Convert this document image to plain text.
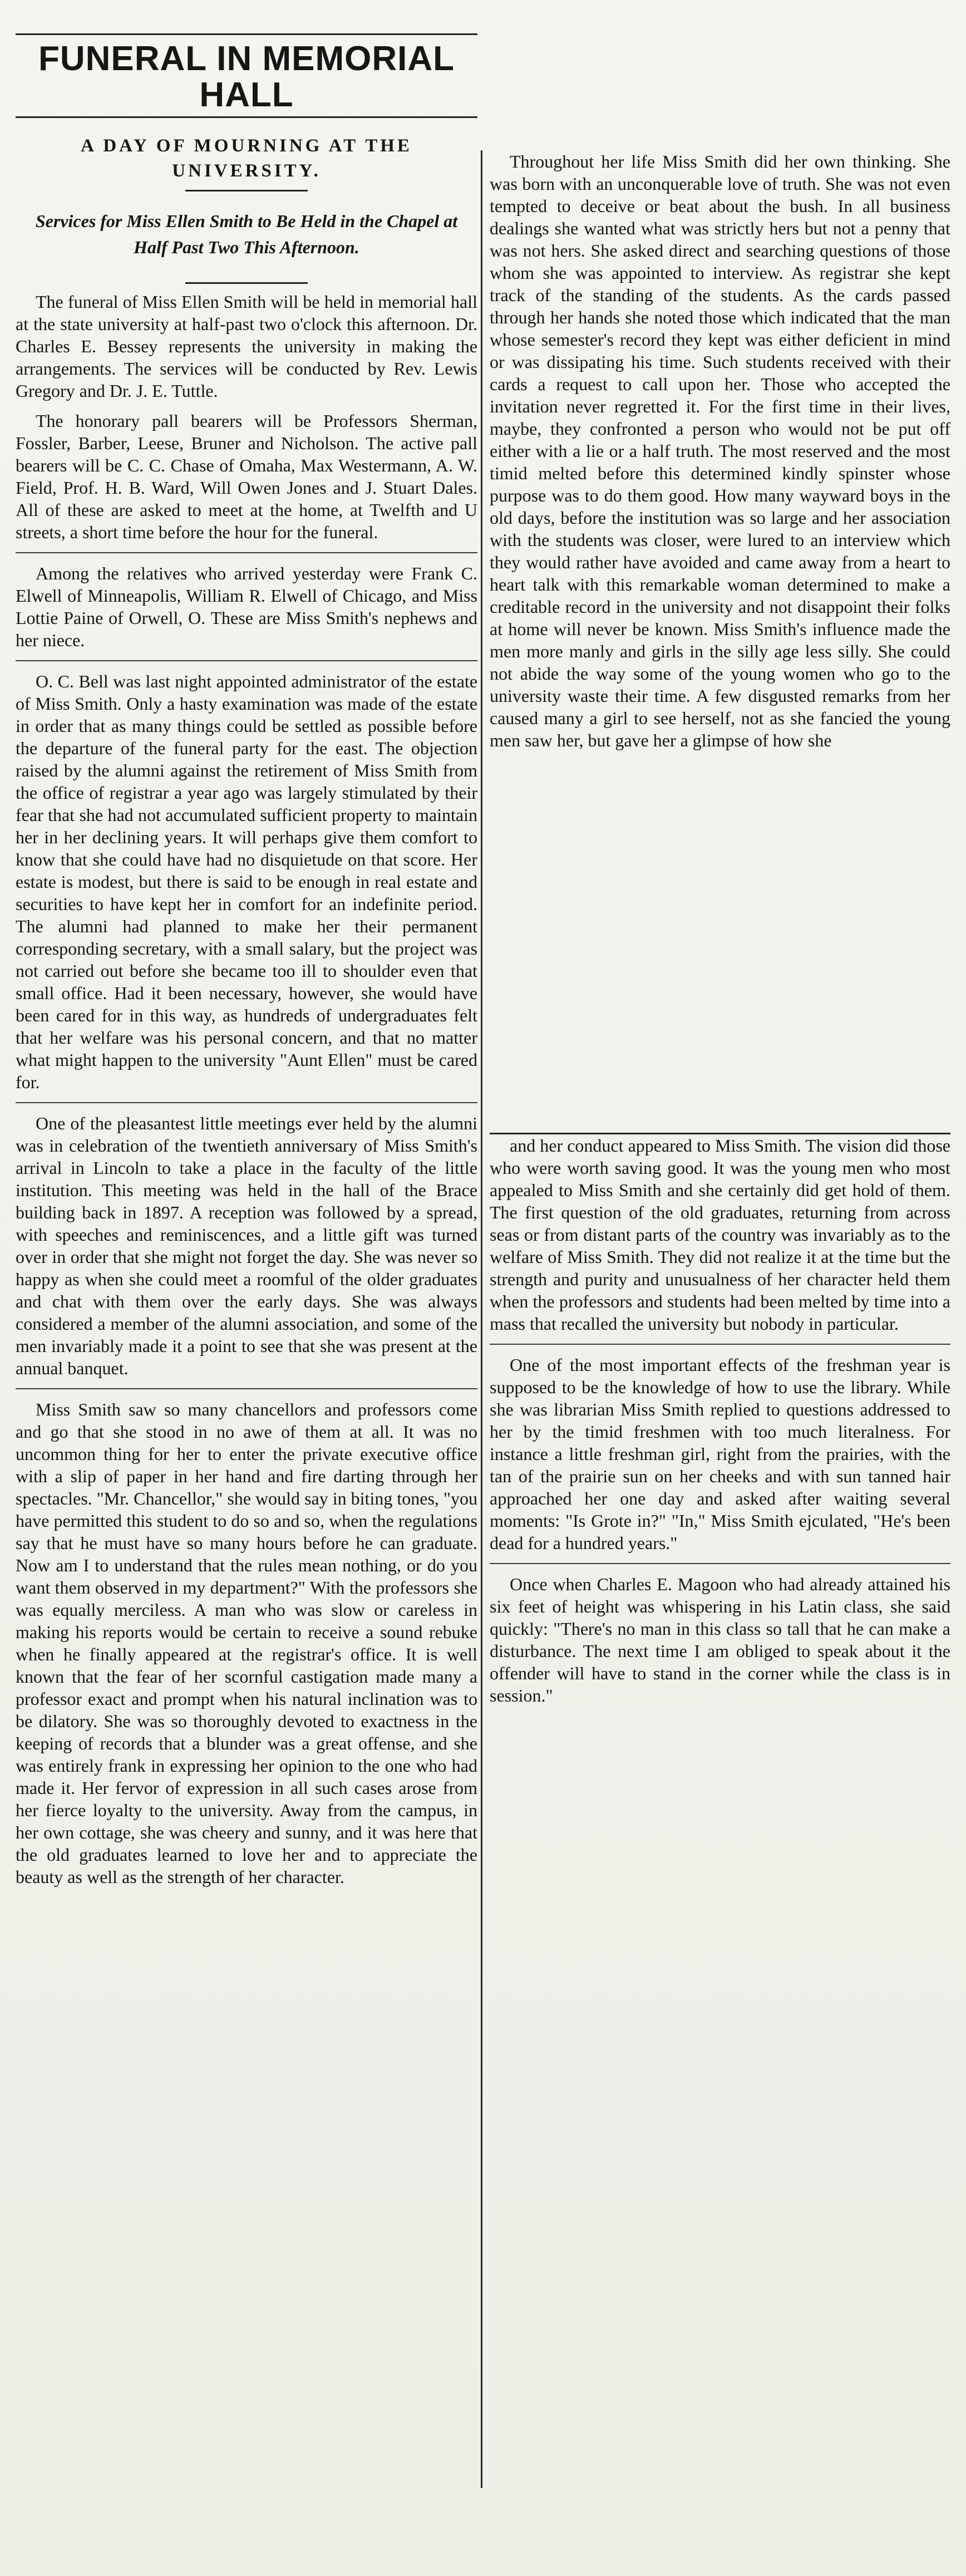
FUNERAL IN MEMORIAL HALL
A DAY OF MOURNING AT THE UNIVERSITY.
Services for Miss Ellen Smith to Be Held in the Chapel at Half Past Two This Afternoon.

The funeral of Miss Ellen Smith will be held in memorial hall at the state university at half-past two o'clock this afternoon. Dr. Charles E. Bessey represents the university in making the arrangements. The services will be conducted by Rev. Lewis Gregory and Dr. J. E. Tuttle.

The honorary pall bearers will be Professors Sherman, Fossler, Barber, Leese, Bruner and Nicholson. The active pall bearers will be C. C. Chase of Omaha, Max Westermann, A. W. Field, Prof. H. B. Ward, Will Owen Jones and J. Stuart Dales. All of these are asked to meet at the home, at Twelfth and U streets, a short time before the hour for the funeral.

Among the relatives who arrived yesterday were Frank C. Elwell of Minneapolis, William R. Elwell of Chicago, and Miss Lottie Paine of Orwell, O. These are Miss Smith's nephews and her niece.

O. C. Bell was last night appointed administrator of the estate of Miss Smith. Only a hasty examination was made of the estate in order that as many things could be settled as possible before the departure of the funeral party for the east. The objection raised by the alumni against the retirement of Miss Smith from the office of registrar a year ago was largely stimulated by their fear that she had not accumulated sufficient property to maintain her in her declining years. It will perhaps give them comfort to know that she could have had no disquietude on that score. Her estate is modest, but there is said to be enough in real estate and securities to have kept her in comfort for an indefinite period. The alumni had planned to make her their permanent corresponding secretary, with a small salary, but the project was not carried out before she became too ill to shoulder even that small office. Had it been necessary, however, she would have been cared for in this way, as hundreds of undergraduates felt that her welfare was his personal concern, and that no matter what might happen to the university "Aunt Ellen" must be cared for.

One of the pleasantest little meetings ever held by the alumni was in celebration of the twentieth anniversary of Miss Smith's arrival in Lincoln to take a place in the faculty of the little institution. This meeting was held in the hall of the Brace building back in 1897. A reception was followed by a spread, with speeches and reminiscences, and a little gift was turned over in order that she might not forget the day. She was never so happy as when she could meet a roomful of the older graduates and chat with them over the early days. She was always considered a member of the alumni association, and some of the men invariably made it a point to see that she was present at the annual banquet.

Miss Smith saw so many chancellors and professors come and go that she stood in no awe of them at all. It was no uncommon thing for her to enter the private executive office with a slip of paper in her hand and fire darting through her spectacles. "Mr. Chancellor," she would say in biting tones, "you have permitted this student to do so and so, when the regulations say that he must have so many hours before he can graduate. Now am I to understand that the rules mean nothing, or do you want them observed in my department?" With the professors she was equally merciless. A man who was slow or careless in making his reports would be certain to receive a sound rebuke when he finally appeared at the registrar's office. It is well known that the fear of her scornful castigation made many a professor exact and prompt when his natural inclination was to be dilatory. She was so thoroughly devoted to exactness in the keeping of records that a blunder was a great offense, and she was entirely frank in expressing her opinion to the one who had made it. Her fervor of expression in all such cases arose from her fierce loyalty to the university. Away from the campus, in her own cottage, she was cheery and sunny, and it was here that the old graduates learned to love her and to appreciate the beauty as well as the strength of her character.

Throughout her life Miss Smith did her own thinking. She was born with an unconquerable love of truth. She was not even tempted to deceive or beat about the bush. In all business dealings she wanted what was strictly hers but not a penny that was not hers. She asked direct and searching questions of those whom she was appointed to interview. As registrar she kept track of the standing of the students. As the cards passed through her hands she noted those which indicated that the man whose semester's record they kept was either deficient in mind or was dissipating his time. Such students received with their cards a request to call upon her. Those who accepted the invitation never regretted it. For the first time in their lives, maybe, they confronted a person who would not be put off either with a lie or a half truth. The most reserved and the most timid melted before this determined kindly spinster whose purpose was to do them good. How many wayward boys in the old days, before the institution was so large and her association with the students was closer, were lured to an interview which they would rather have avoided and came away from a heart to heart talk with this remarkable woman determined to make a creditable record in the university and not disappoint their folks at home will never be known. Miss Smith's influence made the men more manly and girls in the silly age less silly. She could not abide the way some of the young women who go to the university waste their time. A few disgusted remarks from her caused many a girl to see herself, not as she fancied the young men saw her, but gave her a glimpse of how she

and her conduct appeared to Miss Smith. The vision did those who were worth saving good. It was the young men who most appealed to Miss Smith and she certainly did get hold of them. The first question of the old graduates, returning from across seas or from distant parts of the country was invariably as to the welfare of Miss Smith. They did not realize it at the time but the strength and purity and unusualness of her character held them when the professors and students had been melted by time into a mass that recalled the university but nobody in particular.

One of the most important effects of the freshman year is supposed to be the knowledge of how to use the library. While she was librarian Miss Smith replied to questions addressed to her by the timid freshmen with too much literalness. For instance a little freshman girl, right from the prairies, with the tan of the prairie sun on her cheeks and with sun tanned hair approached her one day and asked after waiting several moments: "Is Grote in?" "In," Miss Smith ejculated, "He's been dead for a hundred years."

Once when Charles E. Magoon who had already attained his six feet of height was whispering in his Latin class, she said quickly: "There's no man in this class so tall that he can make a disturbance. The next time I am obliged to speak about it the offender will have to stand in the corner while the class is in session."
